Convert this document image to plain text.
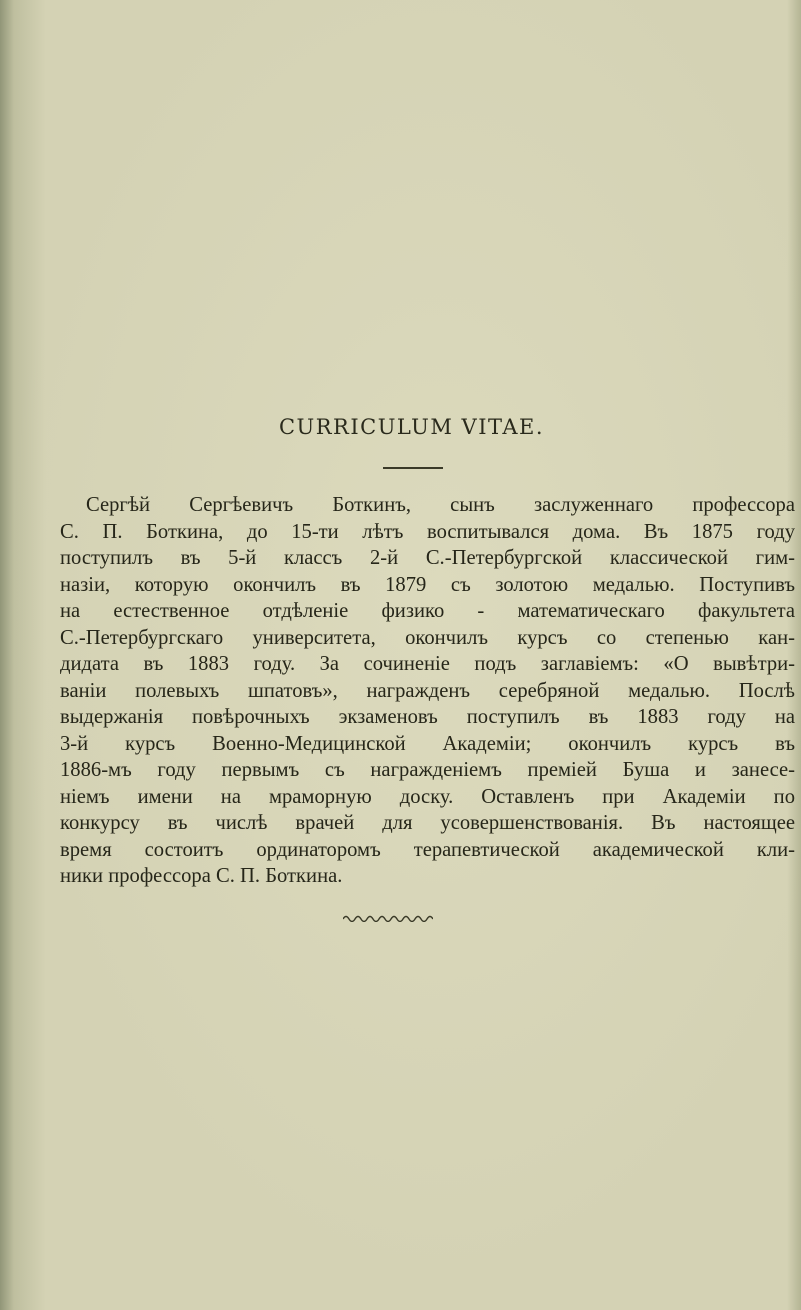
CURRICULUM VITAE.
Сергѣй Сергѣевичъ Боткинъ, сынъ заслуженнаго профессора
С. П. Боткина, до 15-ти лѣтъ воспитывался дома. Въ 1875 году
поступилъ въ 5-й классъ 2-й С.-Петербургской классической гим-
назіи, которую окончилъ въ 1879 съ золотою медалью. Поступивъ
на естественное отдѣленіе физико - математическаго факультета
С.-Петербургскаго университета, окончилъ курсъ со степенью кан-
дидата въ 1883 году. За сочиненіе подъ заглавіемъ: «О вывѣтри-
ваніи полевыхъ шпатовъ», награжденъ серебряной медалью. Послѣ
выдержанія повѣрочныхъ экзаменовъ поступилъ въ 1883 году на
3-й курсъ Военно-Медицинской Академіи; окончилъ курсъ въ
1886-мъ году первымъ съ награжденіемъ преміей Буша и занесе-
ніемъ имени на мраморную доску. Оставленъ при Академіи по
конкурсу въ числѣ врачей для усовершенствованія. Въ настоящее
время состоитъ ординаторомъ терапевтической академической кли-
ники профессора С. П. Боткина.
